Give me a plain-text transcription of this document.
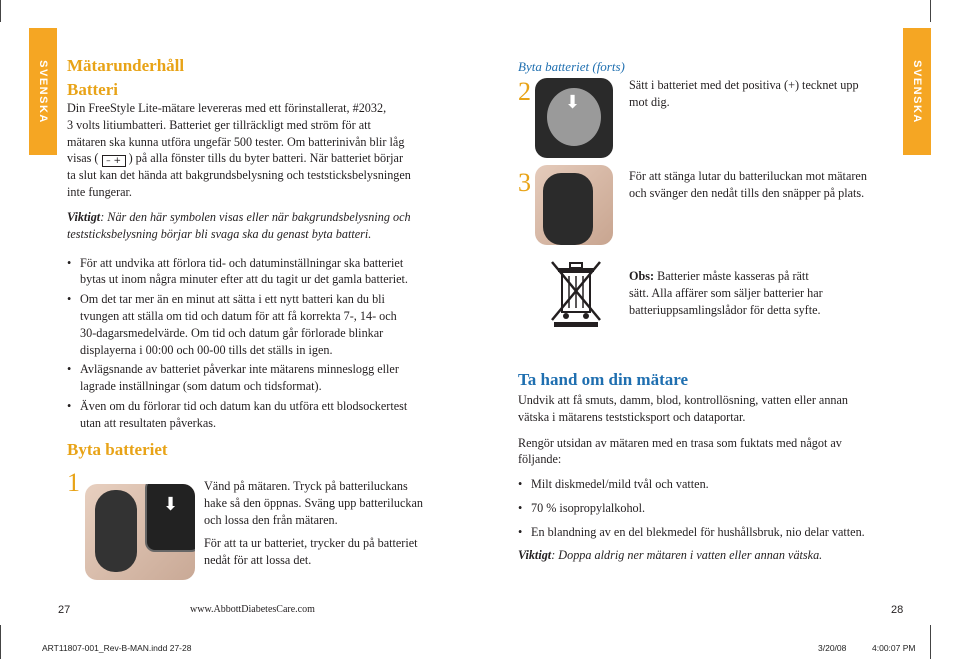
SVENSKA	SVENSKA
Mätarunderhåll
Batteri

Din FreeStyle Lite-mätare levereras med ett förinstallerat, #2032,

3 volts litiumbatteri. Batteriet ger tillräckligt med ström för att

mätaren ska kunna utföra ungefär 500 tester. Om batterinivån blir låg

visas ( – + ) på alla fönster tills du byter batteri. När batteriet börjar

ta slut kan det hända att bakgrundsbelysning och teststicksbelysningen

inte fungerar.

Viktigt: När den här symbolen visas eller när bakgrundsbelysning och

teststicksbelysning börjar bli svaga ska du genast byta batteri.

• För att undvika att förlora tid- och datuminställningar ska batteriet
bytas ut inom några minuter efter att du tagit ur det gamla batteriet.
• Om det tar mer än en minut att sätta i ett nytt batteri kan du bli
tvungen att ställa om tid och datum för att få korrekta 7-, 14- och
30-dagarsmedelvärde. Om tid och datum går förlorade blinkar
displayerna i 00:00 och 00-00 tills det ställs in igen.
• Avlägsnande av batteriet påverkar inte mätarens minneslogg eller
lagrade inställningar (som datum och tidsformat).
• Även om du förlorar tid och datum kan du utföra ett blodsockertest
utan att resultaten påverkas.
Byta batteriet
1
⬇

Vänd på mätaren. Tryck på batteriluckans

hake så den öppnas. Sväng upp batteriluckan

och lossa den från mätaren.

För att ta ur batteriet, trycker du på batteriet

nedåt för att lossa det.

Byta batteriet (forts)
2 ⬇

Sätt i batteriet med det positiva (+) tecknet upp

mot dig.

3	För att stänga lutar du batteriluckan mot mätaren

och svänger den nedåt tills den snäpper på plats.

Obs: Batterier måste kasseras på rätt

sätt. Alla affärer som säljer batterier har

batteriuppsamlingslådor för detta syfte.

Ta hand om din mätare

Undvik att få smuts, damm, blod, kontrollösning, vatten eller annan

vätska i mätarens teststicksport och dataportar.

Rengör utsidan av mätaren med en trasa som fuktats med något av

följande:

• Milt diskmedel/mild tvål och vatten.
• 70 % isopropylalkohol.
• En blandning av en del blekmedel för hushållsbruk, nio delar vatten.

Viktigt: Doppa aldrig ner mätaren i vatten eller annan vätska.

27	www.AbbottDiabetesCare.com	28
ART11807-001_Rev-B-MAN.indd 27-28	3/20/08	4:00:07 PM
